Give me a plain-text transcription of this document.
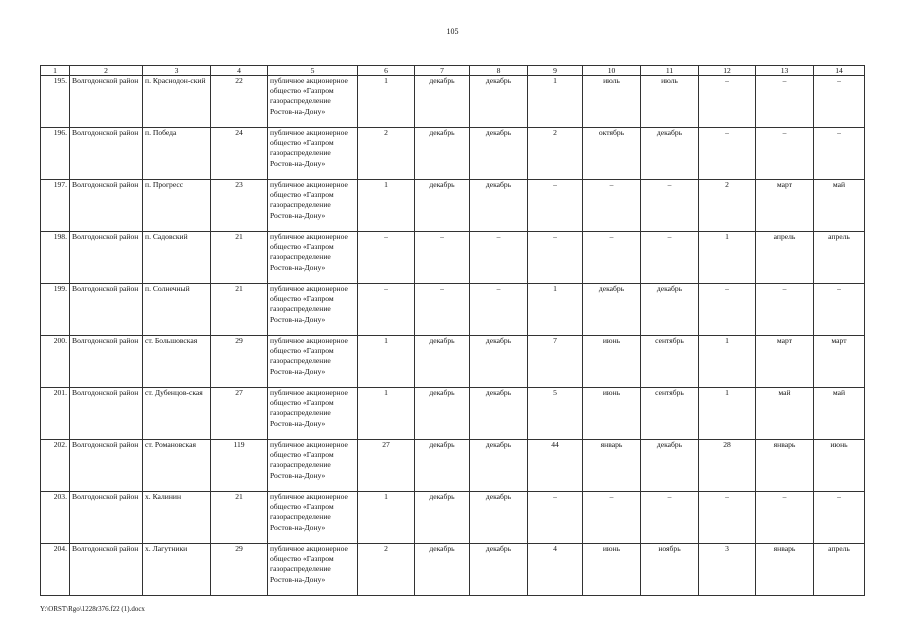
105
1	2	3	4	5	6	7	8	9	10	11	12	13	14
195.	Волгодонской район	п. Краснодон-ский	22	публичное акционерное общество «Газпром газораспределение Ростов-на-Дону»	1	декабрь	декабрь	1	июль	июль	–	–	–
196.	Волгодонской район	п. Победа	24	публичное акционерное общество «Газпром газораспределение Ростов-на-Дону»	2	декабрь	декабрь	2	октябрь	декабрь	–	–	–
197.	Волгодонской район	п. Прогресс	23	публичное акционерное общество «Газпром газораспределение Ростов-на-Дону»	1	декабрь	декабрь	–	–	–	2	март	май
198.	Волгодонской район	п. Садовский	21	публичное акционерное общество «Газпром газораспределение Ростов-на-Дону»	–	–	–	–	–	–	1	апрель	апрель
199.	Волгодонской район	п. Солнечный	21	публичное акционерное общество «Газпром газораспределение Ростов-на-Дону»	–	–	–	1	декабрь	декабрь	–	–	–
200.	Волгодонской район	ст. Большовская	29	публичное акционерное общество «Газпром газораспределение Ростов-на-Дону»	1	декабрь	декабрь	7	июнь	сентябрь	1	март	март
201.	Волгодонской район	ст. Дубенцов-ская	27	публичное акционерное общество «Газпром газораспределение Ростов-на-Дону»	1	декабрь	декабрь	5	июнь	сентябрь	1	май	май
202.	Волгодонской район	ст. Романовская	119	публичное акционерное общество «Газпром газораспределение Ростов-на-Дону»	27	декабрь	декабрь	44	январь	декабрь	28	январь	июнь
203.	Волгодонской район	х. Калинин	21	публичное акционерное общество «Газпром газораспределение Ростов-на-Дону»	1	декабрь	декабрь	–	–	–	–	–	–
204.	Волгодонской район	х. Лагутники	29	публичное акционерное общество «Газпром газораспределение Ростов-на-Дону»	2	декабрь	декабрь	4	июнь	ноябрь	3	январь	апрель
Y:\ORST\Rgo\1228r376.f22 (1).docx
